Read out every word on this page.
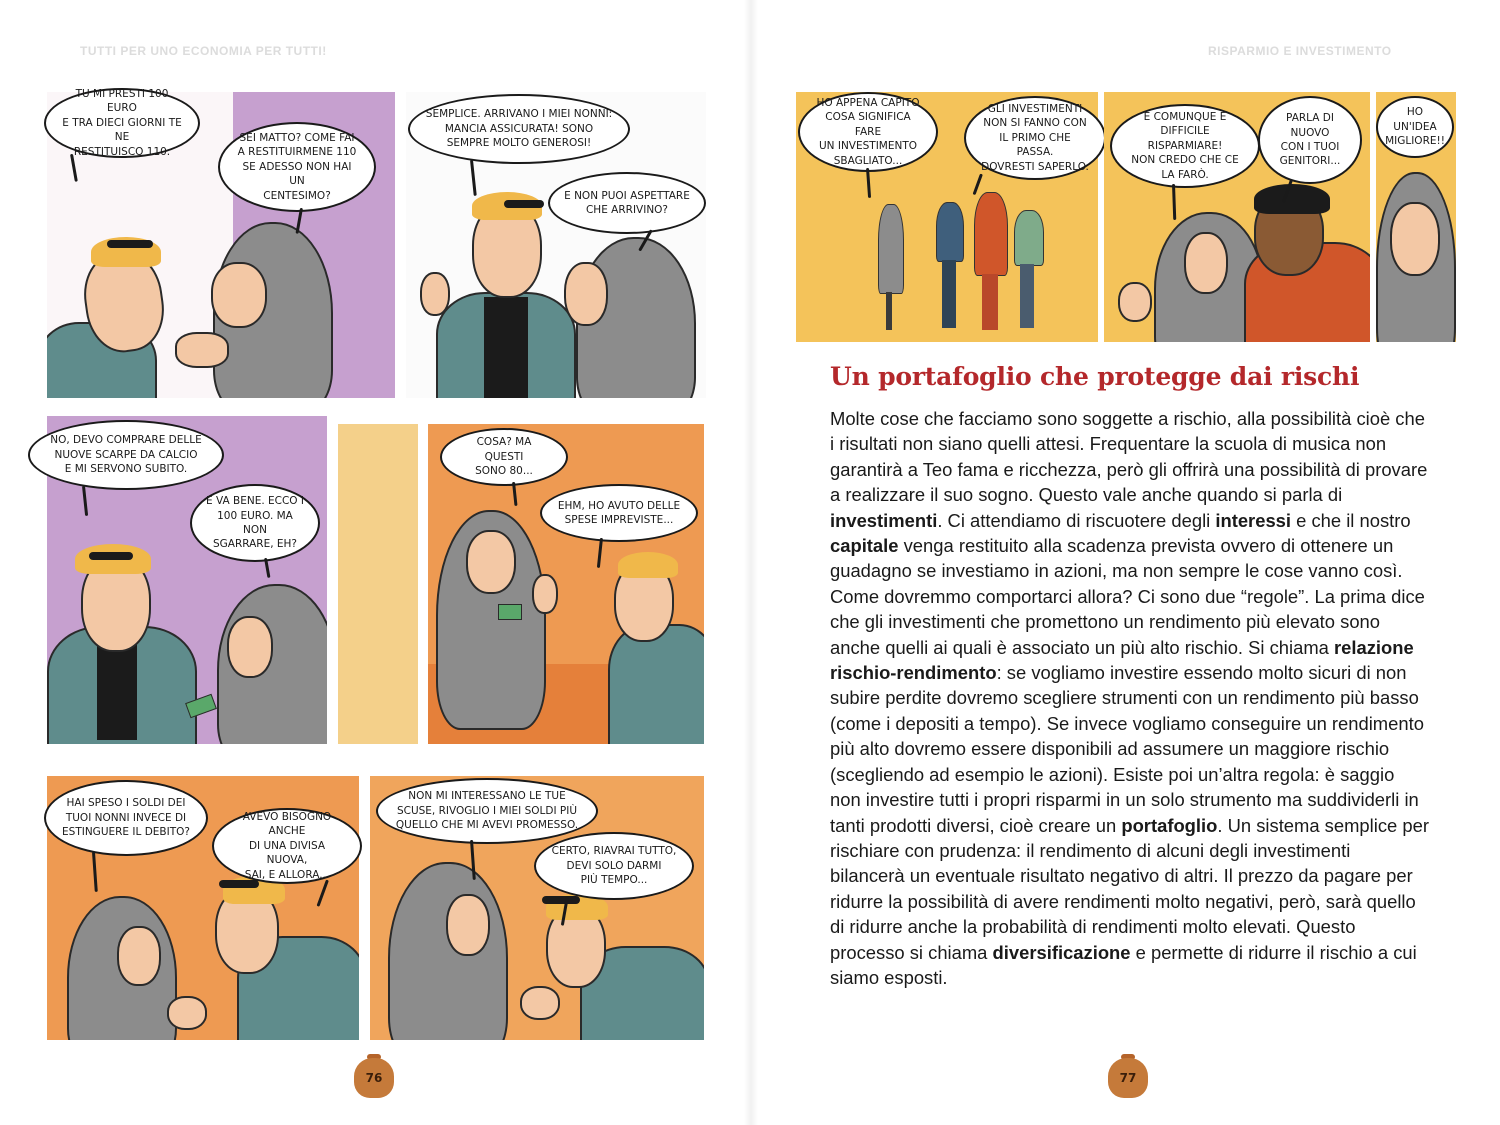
TUTTI PER UNO ECONOMIA PER TUTTI!	RISPARMIO E INVESTIMENTO
TU MI PRESTI 100 EURO
E TRA DIECI GIORNI TE NE
RESTITUISCO 110.
SEI MATTO? COME FAI
A RESTITUIRMENE 110
SE ADESSO NON HAI UN
CENTESIMO?
SEMPLICE. ARRIVANO I MIEI NONNI:
MANCIA ASSICURATA! SONO
SEMPRE MOLTO GENEROSI!
E NON PUOI ASPETTARE
CHE ARRIVINO?
NO, DEVO COMPRARE DELLE
NUOVE SCARPE DA CALCIO
E MI SERVONO SUBITO.
E VA BENE. ECCO I
100 EURO. MA NON
SGARRARE, EH?
COSA? MA QUESTI
SONO 80...
EHM, HO AVUTO DELLE
SPESE IMPREVISTE...
HAI SPESO I SOLDI DEI
TUOI NONNI INVECE DI
ESTINGUERE IL DEBITO?
AVEVO BISOGNO ANCHE
DI UNA DIVISA NUOVA,
SAI, E ALLORA...
NON MI INTERESSANO LE TUE
SCUSE, RIVOGLIO I MIEI SOLDI PIÙ
QUELLO CHE MI AVEVI PROMESSO.
CERTO, RIAVRAI TUTTO,
DEVI SOLO DARMI
PIÙ TEMPO...
76
HO APPENA CAPITO
COSA SIGNIFICA FARE
UN INVESTIMENTO
SBAGLIATO...
GLI INVESTIMENTI
NON SI FANNO CON
IL PRIMO CHE PASSA.
DOVRESTI SAPERLO.
E COMUNQUE È
DIFFICILE RISPARMIARE!
NON CREDO CHE CE
LA FARÒ.
PARLA DI
NUOVO
CON I TUOI
GENITORI...
HO UN'IDEA
MIGLIORE!!
Un portafoglio che protegge dai rischi

Molte cose che facciamo sono soggette a rischio, alla possibilità cioè che i risultati non siano quelli attesi. Frequentare la scuola di musica non garantirà a Teo fama e ricchezza, però gli offrirà una possibilità di provare a realizzare il suo sogno. Questo vale anche quando si parla di investimenti. Ci attendiamo di riscuotere degli interessi e che il nostro capitale venga restituito alla scadenza prevista ovvero di ottenere un guadagno se investiamo in azioni, ma non sempre le cose vanno così. Come dovremmo comportarci allora? Ci sono due “regole”. La prima dice che gli investimenti che promettono un rendimento più elevato sono anche quelli ai quali è associato un più alto rischio. Si chiama relazione rischio-rendimento: se vogliamo investire essendo molto sicuri di non subire perdite dovremo scegliere strumenti con un rendimento più basso (come i depositi a tempo). Se invece vogliamo conseguire un rendimento più alto dovremo essere disponibili ad assumere un maggiore rischio (scegliendo ad esempio le azioni). Esiste poi un’altra regola: è saggio non investire tutti i propri risparmi in un solo strumento ma suddividerli in tanti prodotti diversi, cioè creare un portafoglio. Un sistema semplice per rischiare con prudenza: il rendimento di alcuni degli investimenti bilancerà un eventuale risultato negativo di altri. Il prezzo da pagare per ridurre la possibilità di avere rendimenti molto negativi, però, sarà quello di ridurre anche la probabilità di rendimenti molto elevati. Questo processo si chiama diversificazione e permette di ridurre il rischio a cui siamo esposti.

77
